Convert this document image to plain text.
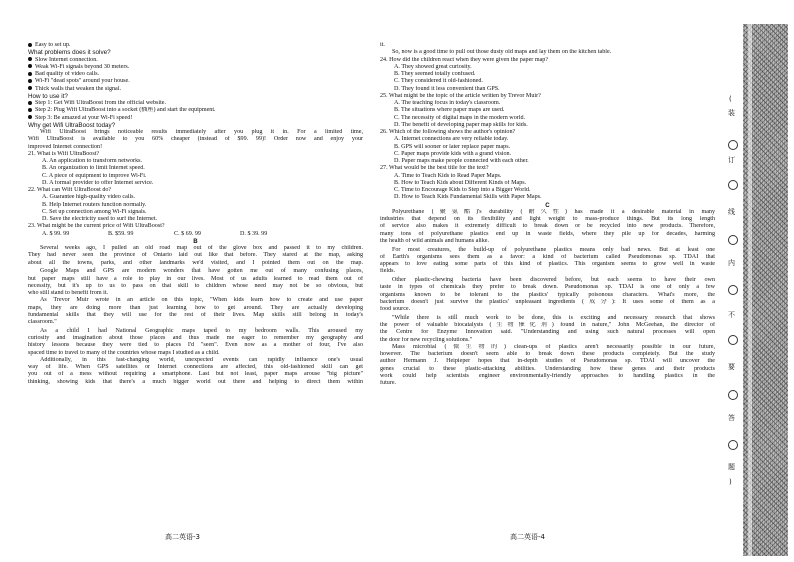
Easy to set up.
What problems does it solve?
Slow Internet connection.
Weak Wi-Fi signals beyond 30 meters.
Bad quality of video calls.
Wi-Fi "dead spots" around your house.
Thick walls that weaken the signal.
How to use it?
Step 1: Get Wifi UltraBoost from the official website.
Step 2: Plug Wifi UltraBoost into a socket (插座) and start the equipment.
Step 3: Be amazed at your Wi-Fi speed!
Why get Wifi UltraBoost today?
Wifi UltraBoost brings noticeable results immediately after you plug it in. For a limited time,
Wifi UltraBoost is available to you 60% cheaper (instead of $99. 99)! Order now and enjoy your
improved Internet connection!
21. What is Wifi UltraBoost?
A. An application to transform networks.
B. An organization to limit Internet speed.
C. A piece of equipment to improve Wi-Fi.
D. A formal provider to offer Internet service.
22. What can Wifi UltraBoost do?
A. Guarantee high-quality video calls.
B. Help Internet routers function normally.
C. Set up connection among Wi-Fi signals.
D. Save the electricity used to surf the Internet.
23. What might be the current price of Wifi UltraBoost?
A. $ 99. 99	B. $59. 99	C. $ 69. 99	D. $ 39. 99
B
Several weeks ago, I pulled an old road map out of the glove box and passed it to my children.
They had never seen the province of Ontario laid out like that before. They stared at the map, asking
about all the towns, parks, and other landmarks we'd visited, and I pointed them out on the map.
Google Maps and GPS are modern wonders that have gotten me out of many confusing places,
but paper maps still have a role to play in our lives. Most of us adults learned to read them out of
necessity, but it's up to us to pass on that skill to children whose need may not be so obvious, but
who still stand to benefit from it.
As Trevor Muir wrote in an article on this topic, "When kids learn how to create and use paper
maps, they are doing more than just learning how to get around. They are actually developing
fundamental skills that they will use for the rest of their lives. Map skills still belong in today's
classroom."
As a child I had National Geographic maps taped to my bedroom walls. This aroused my
curiosity and imagination about those places and thus made me eager to remember my geography and
history lessons because they were tied to places I'd "seen". Even now as a mother of four, I've also
spaced time to travel to many of the countries whose maps I studied as a child.
Additionally, in this fast-changing world, unexpected events can rapidly influence one's usual
way of life. When GPS satellites or Internet connections are affected, this old-fashioned skill can get
you out of a mess without requiring a smartphone. Last but not least, paper maps arouse "big picture"
thinking, showing kids that there's a much bigger world out there and helping to direct them within
it.
So, now is a good time to pull out those dusty old maps and lay them on the kitchen table.
24. How did the children react when they were given the paper map?
A. They showed great curiosity.
B. They seemed totally confused.
C. They considered it old-fashioned.
D. They found it less convenient than GPS.
25. What might be the topic of the article written by Trevor Muir?
A. The teaching focus in today's classroom.
B. The situations where paper maps are used.
C. The necessity of digital maps in the modern world.
D. The benefit of developing paper map skills for kids.
26. Which of the following shows the author's opinion?
A. Internet connections are very reliable today.
B. GPS will sooner or later replace paper maps.
C. Paper maps provide kids with a grand vision.
D. Paper maps make people connected with each other.
27. What would be the best title for the text?
A. Time to Teach Kids to Read Paper Maps.
B. How to Teach Kids about Different Kinds of Maps.
C. Time to Encourage Kids to Step into a Bigger World.
D. How to Teach Kids Fundamental Skills with Paper Maps.
C
Polyurethane (聚氨酯)'s durability (耐久性) has made it a desirable material in many
industries that depend on its flexibility and light weight to mass-produce things. But its long length
of service also makes it extremely difficult to break down or be recycled into new products. Therefore,
many tons of polyurethane plastics end up in waste fields, where they pile up for decades, harming
the health of wild animals and humans alike.
For most creatures, the build-up of polyurethane plastics means only bad news. But at least one
of Earth's organisms sees them as a favor: a kind of bacterium called Pseudomonas sp. TDAI that
appears to love eating some parts of this kind of plastics. This organism seems to grow well in waste
fields.
Other plastic-chewing bacteria have been discovered before, but each seems to have their own
taste in types of chemicals they prefer to break down. Pseudomonas sp. TDAI is one of only a few
organisms known to be tolerant to the plastics' typically poisonous characters. What's more, the
bacterium doesn't just survive the plastics' unpleasant ingredients (成分): It uses some of them as a
food source.
"While there is still much work to be done, this is exciting and necessary research that shows
the power of valuable biocatalysts (生物催化剂) found in nature," John McGeehan, the director of
the Centre for Enzyme Innovation said. "Understanding and using such natural processes will open
the door for new recycling solutions."
Mass microbial (微生物的) clean-ups of plastics aren't necessarily possible in our future,
however. The bacterium doesn't seem able to break down these products completely. But the study
author Hermann J. Heipieper hopes that in-depth studies of Pseudomonas sp. TDAI will uncover the
genes crucial to these plastic-attacking abilities. Understanding how these genes and their products
work could help scientists engineer environmentally-friendly approaches to handling plastics in the
future.
高二英语-3	高二英语-4
(
装
订
线
内
不
要
答
题
)
